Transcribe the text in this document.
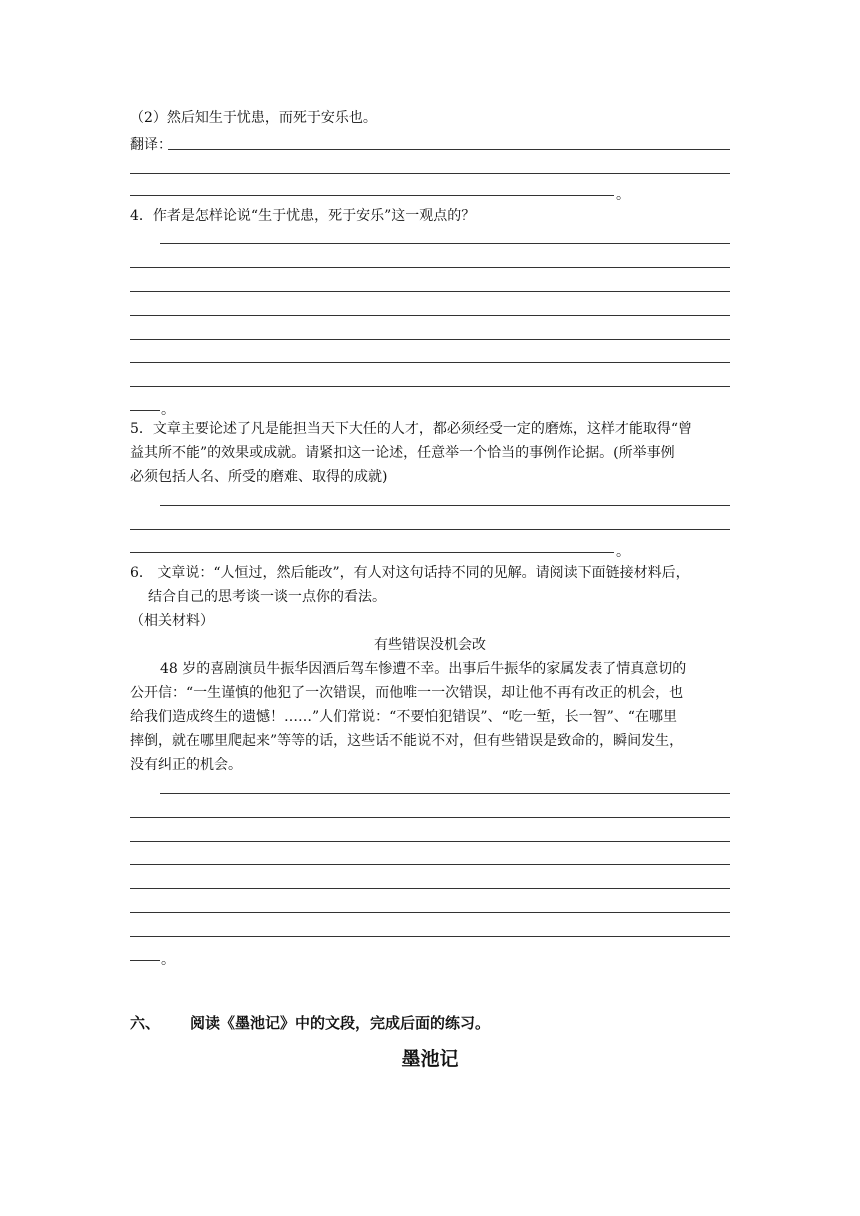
（2）然后知生于忧患，而死于安乐也。
翻译：
。
4．作者是怎样论说“生于忧患，死于安乐”这一观点的？
。
5．文章主要论述了凡是能担当天下大任的人才，都必须经受一定的磨炼，这样才能取得“曾
益其所不能”的效果或成就。请紧扣这一论述，任意举一个恰当的事例作论据。(所举事例
必须包括人名、所受的磨难、取得的成就)
。
6． 文章说：“人恒过，然后能改”，有人对这句话持不同的见解。请阅读下面链接材料后，
结合自己的思考谈一谈一点你的看法。
（相关材料）
有些错误没机会改
48 岁的喜剧演员牛振华因酒后驾车惨遭不幸。出事后牛振华的家属发表了情真意切的
公开信：“一生谨慎的他犯了一次错误，而他唯一一次错误，却让他不再有改正的机会，也
给我们造成终生的遗憾！……”人们常说：“不要怕犯错误”、“吃一堑，长一智”、“在哪里
摔倒，就在哪里爬起来”等等的话，这些话不能说不对，但有些错误是致命的，瞬间发生，
没有纠正的机会。
。
六、 阅读《墨池记》中的文段，完成后面的练习。
墨池记
